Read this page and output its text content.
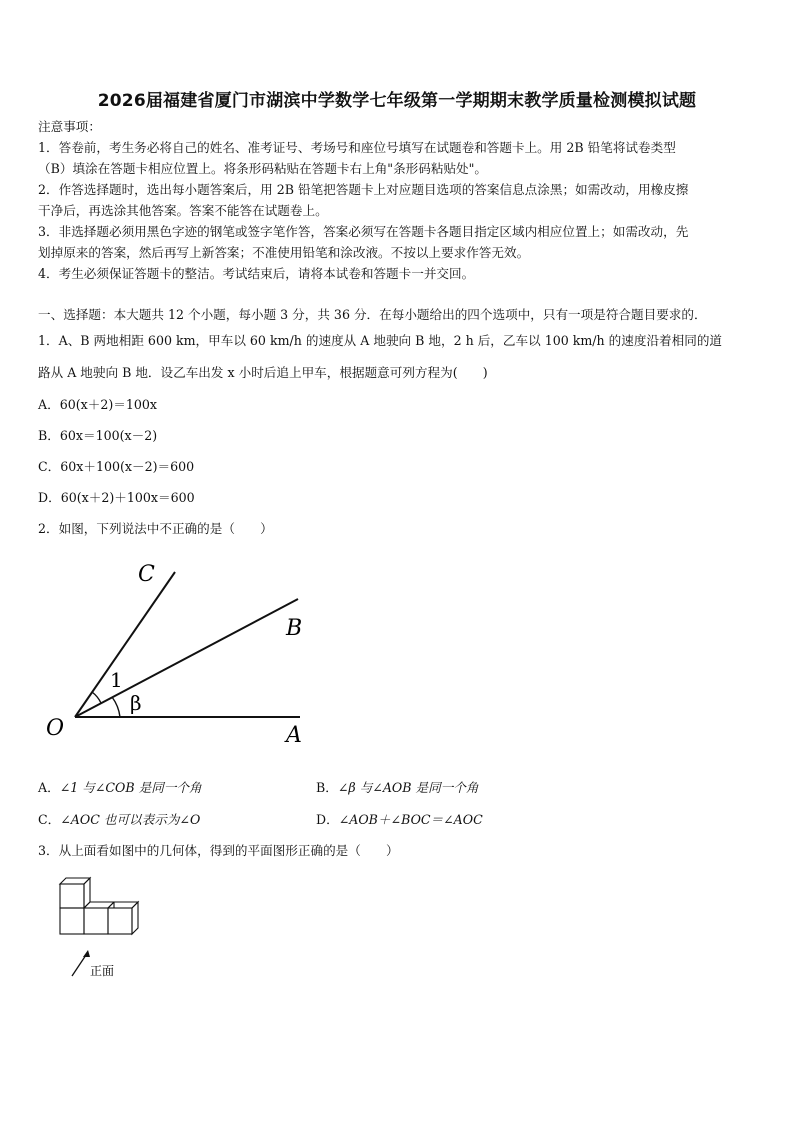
2026届福建省厦门市湖滨中学数学七年级第一学期期末教学质量检测模拟试题
注意事项：
1．答卷前，考生务必将自己的姓名、准考证号、考场号和座位号填写在试题卷和答题卡上。用 2B 铅笔将试卷类型
（B）填涂在答题卡相应位置上。将条形码粘贴在答题卡右上角"条形码粘贴处"。
2．作答选择题时，选出每小题答案后，用 2B 铅笔把答题卡上对应题目选项的答案信息点涂黑；如需改动，用橡皮擦
干净后，再选涂其他答案。答案不能答在试题卷上。
3．非选择题必须用黑色字迹的钢笔或签字笔作答，答案必须写在答题卡各题目指定区域内相应位置上；如需改动，先
划掉原来的答案，然后再写上新答案；不准使用铅笔和涂改液。不按以上要求作答无效。
4．考生必须保证答题卡的整洁。考试结束后，请将本试卷和答题卡一并交回。
一、选择题：本大题共 12 个小题，每小题 3 分，共 36 分．在每小题给出的四个选项中，只有一项是符合题目要求的．
1．A、B 两地相距 600 km，甲车以 60 km/h 的速度从 A 地驶向 B 地，2 h 后，乙车以 100 km/h 的速度沿着相同的道
路从 A 地驶向 B 地．设乙车出发 x 小时后追上甲车，根据题意可列方程为(　　)
A．60(x＋2)＝100x
B．60x＝100(x－2)
C．60x＋100(x－2)＝600
D．60(x＋2)＋100x＝600
2．如图，下列说法中不正确的是（　　）
C
B
O	A
1
β
A．∠1 与∠COB 是同一个角	B．∠β 与∠AOB 是同一个角
C．∠AOC 也可以表示为∠O	D．∠AOB＋∠BOC＝∠AOC
3．从上面看如图中的几何体，得到的平面图形正确的是（　　）
正面
